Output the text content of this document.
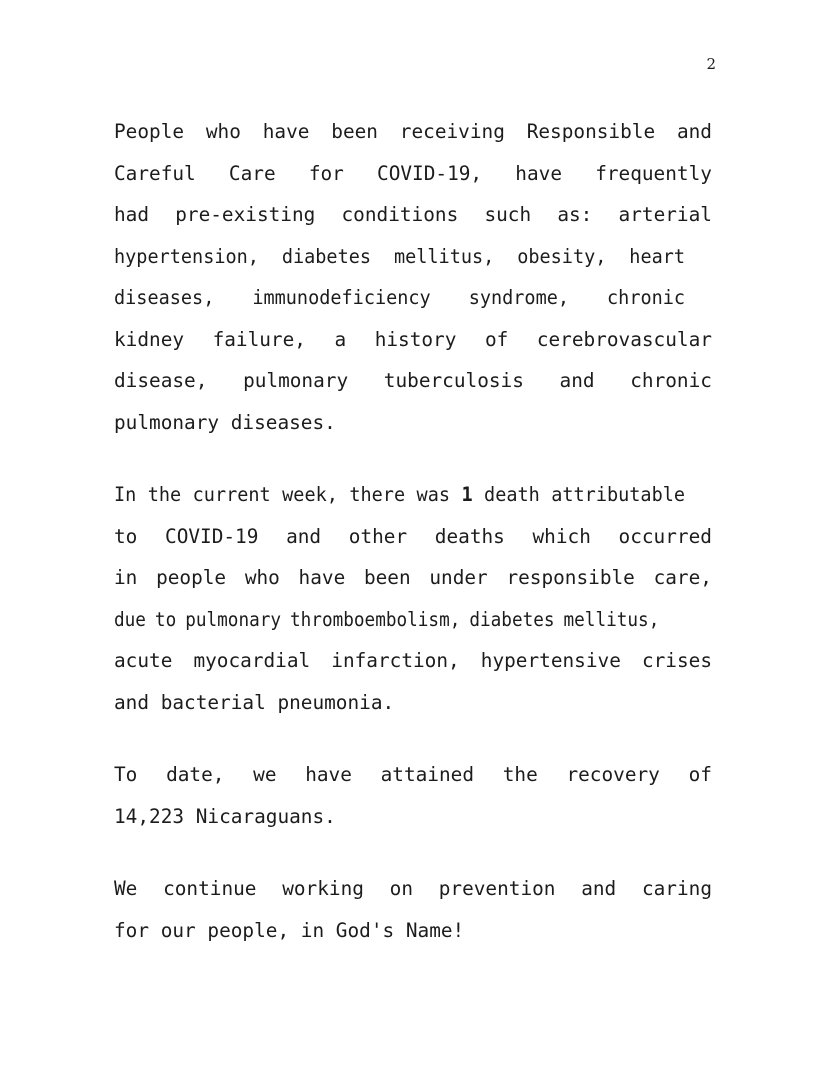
2

People who have been receiving Responsible and
Careful Care for COVID-19, have frequently
had pre-existing conditions such as: arterial
hypertension, diabetes mellitus, obesity, heart
diseases, immunodeficiency syndrome, chronic
kidney failure, a history of cerebrovascular
disease, pulmonary tuberculosis and chronic
pulmonary diseases.

In the current week, there was 1 death attributable
to COVID-19 and other deaths which occurred
in people who have been under responsible care,
due to pulmonary thromboembolism, diabetes mellitus,
acute myocardial infarction, hypertensive crises
and bacterial pneumonia.

To date, we have attained the recovery of
14,223 Nicaraguans.

We continue working on prevention and caring
for our people, in God's Name!
